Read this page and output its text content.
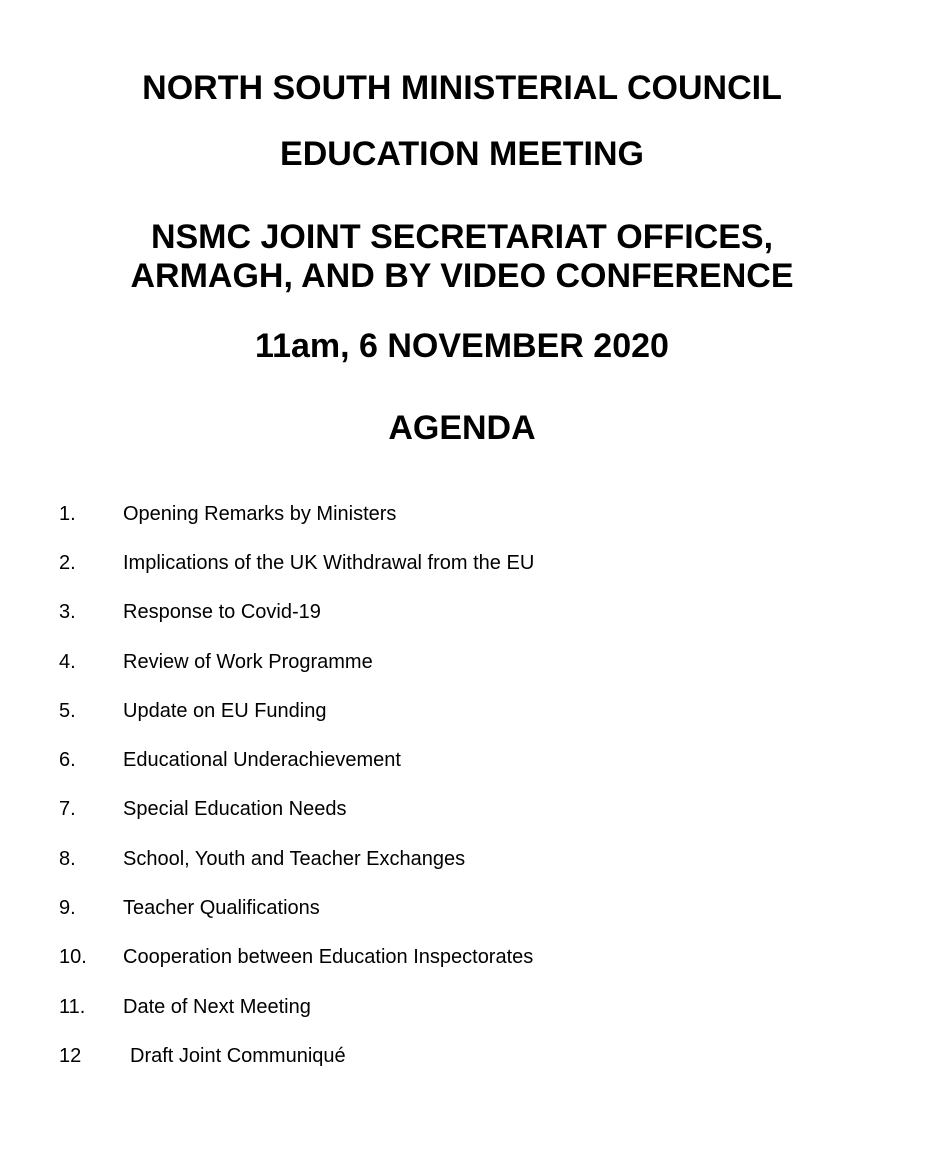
NORTH SOUTH MINISTERIAL COUNCIL
EDUCATION MEETING
NSMC JOINT SECRETARIAT OFFICES,
ARMAGH, AND BY VIDEO CONFERENCE
11am, 6 NOVEMBER 2020
AGENDA
1. Opening Remarks by Ministers
2. Implications of the UK Withdrawal from the EU
3. Response to Covid-19
4. Review of Work Programme
5. Update on EU Funding
6. Educational Underachievement
7. Special Education Needs
8. School, Youth and Teacher Exchanges
9. Teacher Qualifications
10. Cooperation between Education Inspectorates
11. Date of Next Meeting
12 Draft Joint Communiqué
